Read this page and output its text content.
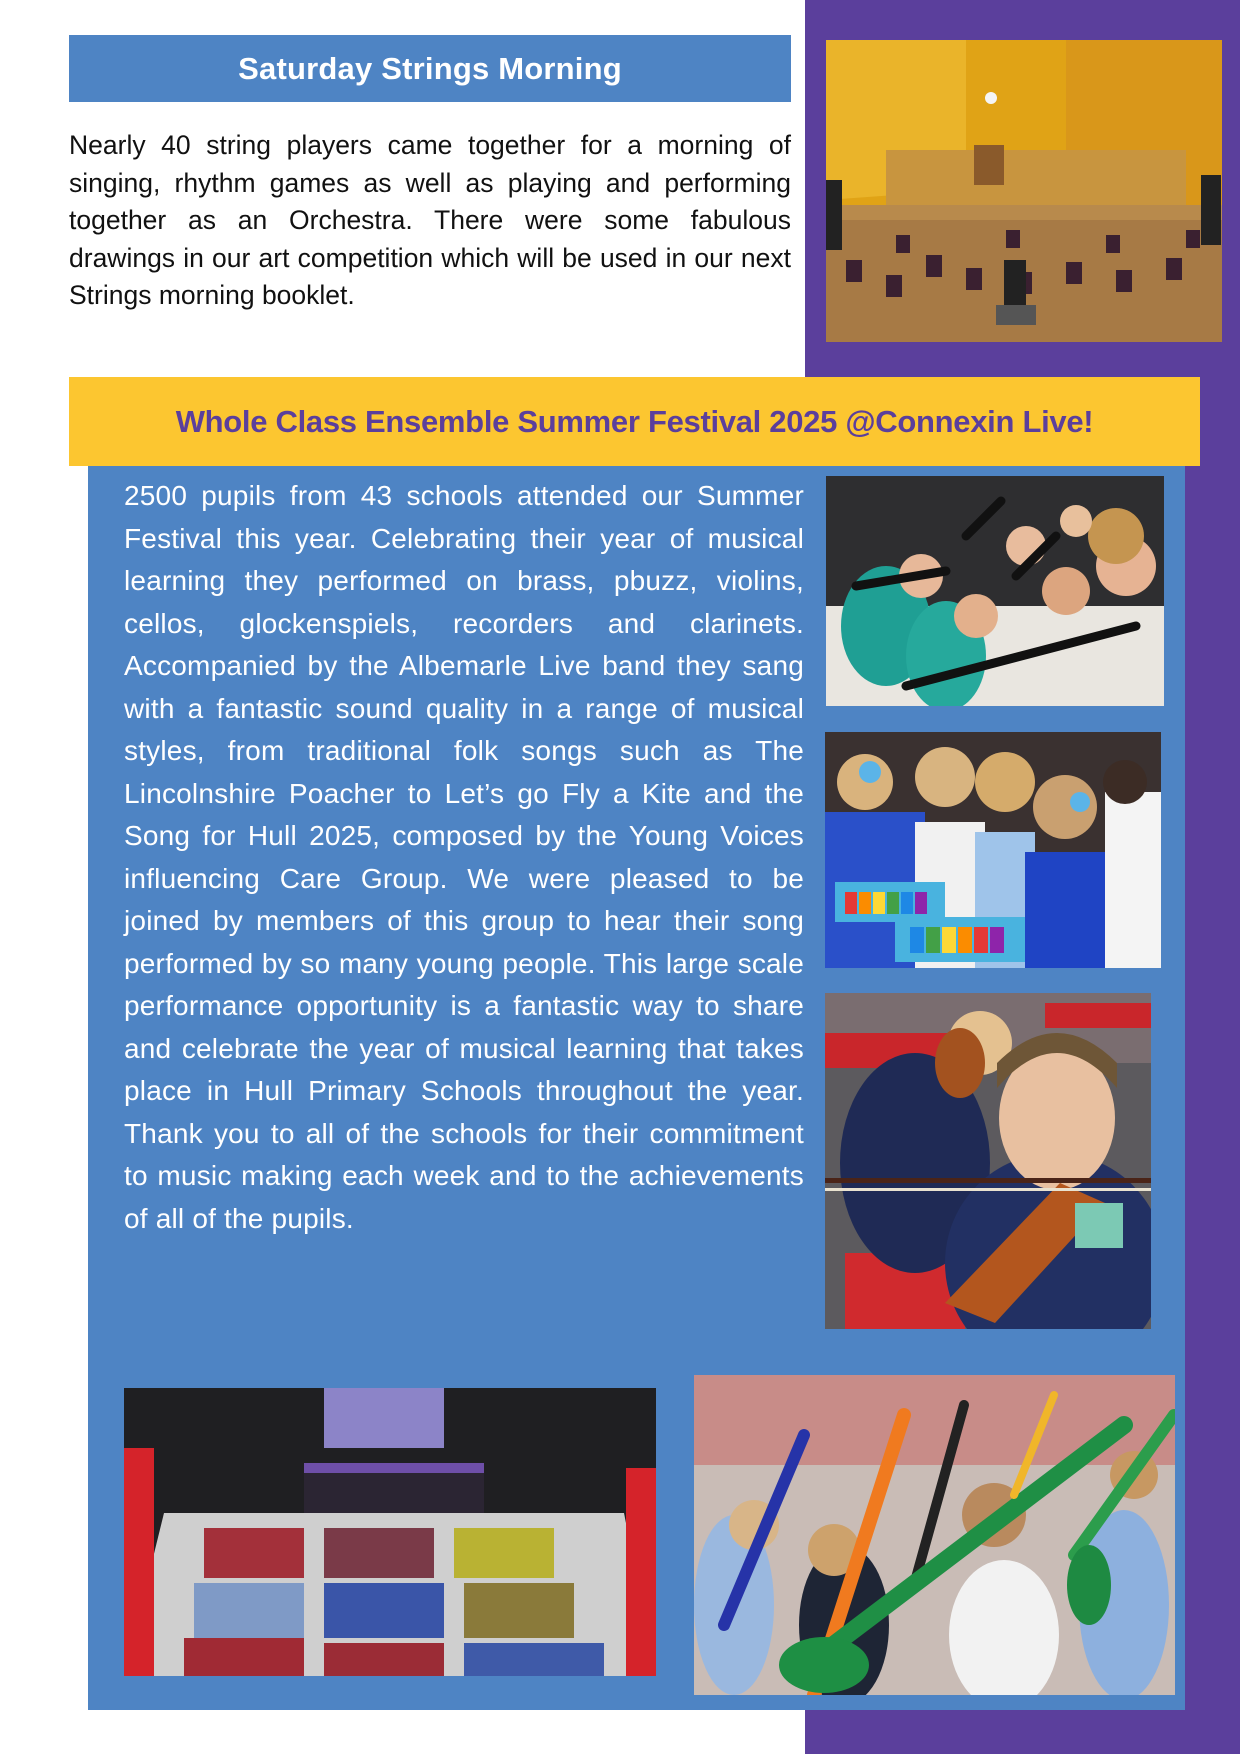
Saturday Strings Morning
Nearly 40 string players came together for a morning of singing, rhythm games as well as playing and performing together as an Orchestra. There were some fabulous drawings in our art competition which will be used in our next Strings morning booklet.
Whole Class Ensemble Summer Festival 2025 @Connexin Live!
2500 pupils from 43 schools attended our Summer Festival this year. Celebrating their year of musical learning they performed on brass, pbuzz, violins, cellos, glockenspiels, recorders and clarinets. Accompanied by the Albemarle Live band they sang with a fantastic sound quality in a range of musical styles, from traditional folk songs such as The Lincolnshire Poacher to Let’s go Fly a Kite and the Song for Hull 2025, composed by the Young Voices influencing Care Group. We were pleased to be joined by members of this group to hear their song performed by so many young people. This large scale performance opportunity is a fantastic way to share and celebrate the year of musical learning that takes place in Hull Primary Schools throughout the year. Thank you to all of the schools for their commitment to music making each week and to the achievements of all of the pupils.
